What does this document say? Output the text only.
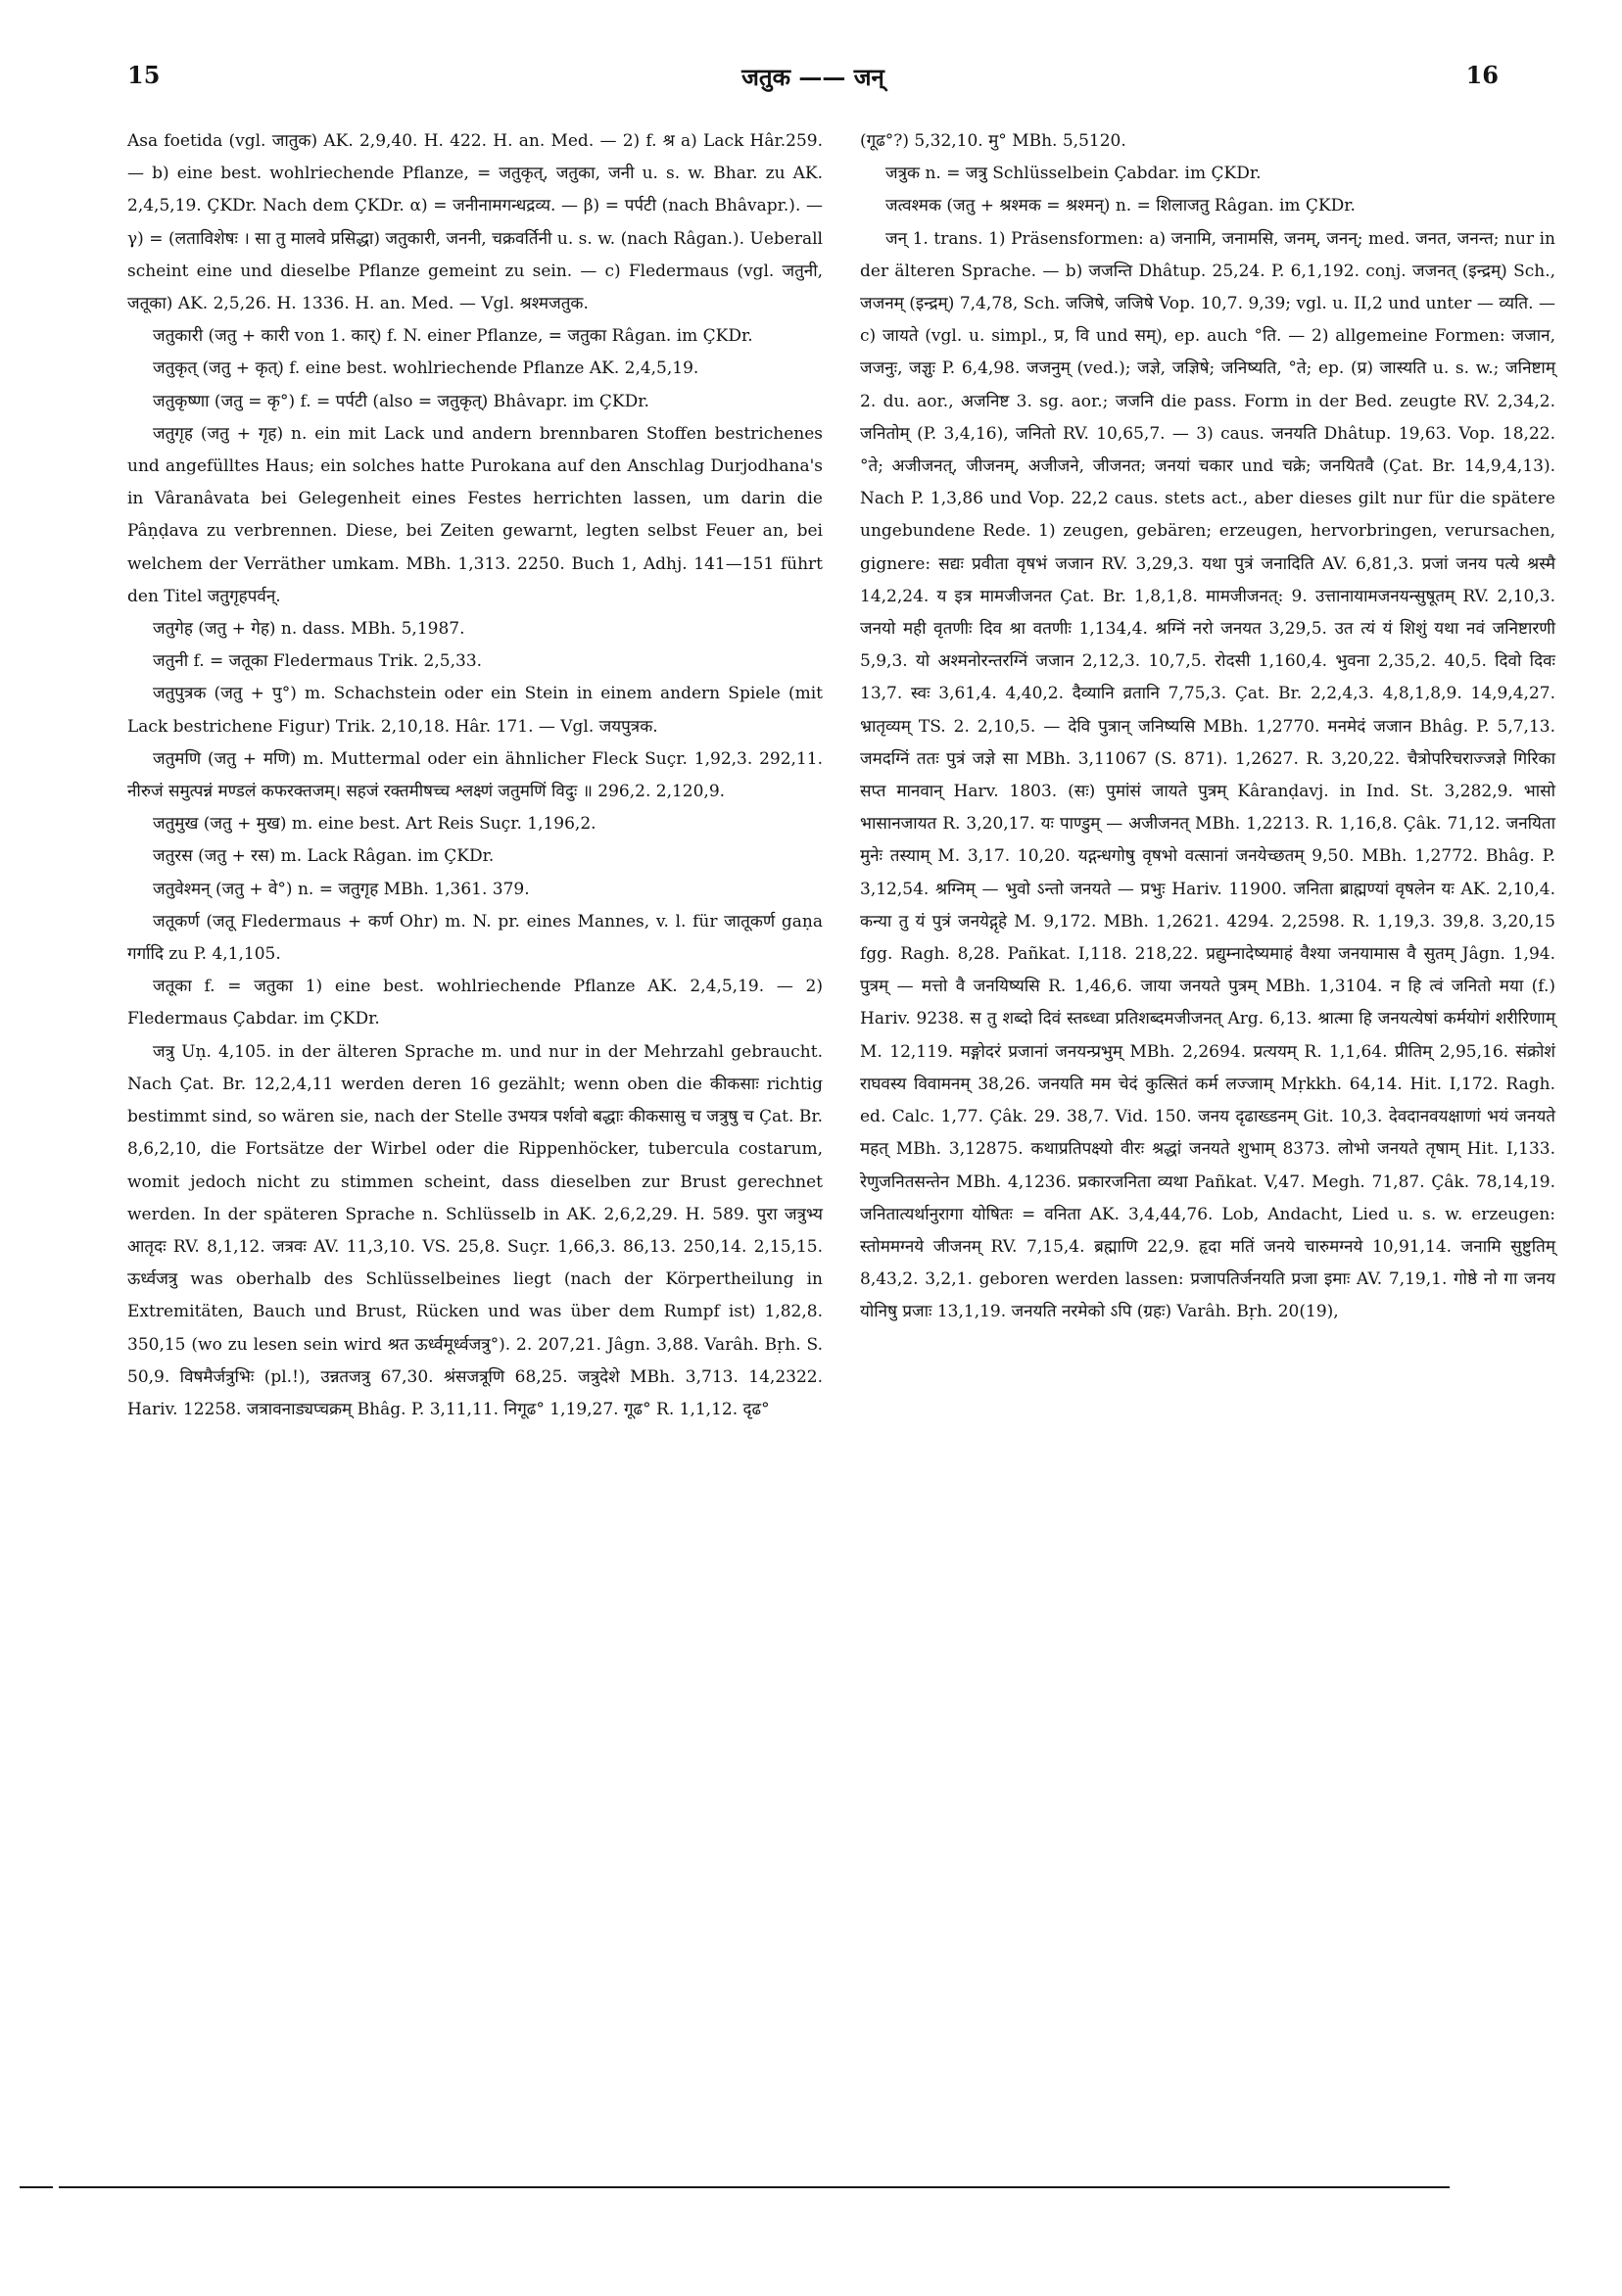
15	जतुक —— जन्	16

Asa foetida (vgl. जातुक) AK. 2,9,40. H. 422. H. an. Med. — 2) f. श्र a) Lack Hâr.259. — b) eine best. wohlriechende Pflanze, = जतुकृत्, जतुका, जनी u. s. w. Bhar. zu AK. 2,4,5,19. ÇKDr. Nach dem ÇKDr. α) = जनीनामगन्धद्रव्य. — β) = पर्पटी (nach Bhâvapr.). — γ) = (लताविशेषः । सा तु मालवे प्रसिद्धा) जतुकारी, जननी, चक्रवर्तिनी u. s. w. (nach Râgan.). Ueberall scheint eine und dieselbe Pflanze gemeint zu sein. — c) Fledermaus (vgl. जतुनी, जतूका) AK. 2,5,26. H. 1336. H. an. Med. — Vgl. श्रश्मजतुक.

जतुकारी (जतु + कारी von 1. कार्) f. N. einer Pflanze, = जतुका Râgan. im ÇKDr.

जतुकृत् (जतु + कृत्) f. eine best. wohlriechende Pflanze AK. 2,4,5,19.

जतुकृष्णा (जतु = कृ°) f. = पर्पटी (also = जतुकृत्) Bhâvapr. im ÇKDr.

जतुगृह (जतु + गृह) n. ein mit Lack und andern brennbaren Stoffen bestrichenes und angefülltes Haus; ein solches hatte Purokana auf den Anschlag Durjodhana's in Vâranâvata bei Gelegenheit eines Festes herrichten lassen, um darin die Pâṇḍava zu verbrennen. Diese, bei Zeiten gewarnt, legten selbst Feuer an, bei welchem der Verräther umkam. MBh. 1,313. 2250. Buch 1, Adhj. 141—151 führt den Titel जतुगृहपर्वन्.

जतुगेह (जतु + गेह) n. dass. MBh. 5,1987.

जतुनी f. = जतूका Fledermaus Trik. 2,5,33.

जतुपुत्रक (जतु + पु°) m. Schachstein oder ein Stein in einem andern Spiele (mit Lack bestrichene Figur) Trik. 2,10,18. Hâr. 171. — Vgl. जयपुत्रक.

जतुमणि (जतु + मणि) m. Muttermal oder ein ähnlicher Fleck Suçr. 1,92,3. 292,11. नीरुजं समुत्पन्नं मण्डलं कफरक्तजम्। सहजं रक्तमीषच्च श्लक्ष्णं जतुमणिं विदुः ॥ 296,2. 2,120,9.

जतुमुख (जतु + मुख) m. eine best. Art Reis Suçr. 1,196,2.

जतुरस (जतु + रस) m. Lack Râgan. im ÇKDr.

जतुवेश्मन् (जतु + वे°) n. = जतुगृह MBh. 1,361. 379.

जतूकर्ण (जतू Fledermaus + कर्ण Ohr) m. N. pr. eines Mannes, v. l. für जातूकर्ण gaṇa गर्गादि zu P. 4,1,105.

जतूका f. = जतुका 1) eine best. wohlriechende Pflanze AK. 2,4,5,19. — 2) Fledermaus Çabdar. im ÇKDr.

जत्रु Uṇ. 4,105. in der älteren Sprache m. und nur in der Mehrzahl gebraucht. Nach Çat. Br. 12,2,4,11 werden deren 16 gezählt; wenn oben die कीकसाः richtig bestimmt sind, so wären sie, nach der Stelle उभयत्र पर्शवो बद्धाः कीकसासु च जत्रुषु च Çat. Br. 8,6,2,10, die Fortsätze der Wirbel oder die Rippenhöcker, tubercula costarum, womit jedoch nicht zu stimmen scheint, dass dieselben zur Brust gerechnet werden. In der späteren Sprache n. Schlüsselb in AK. 2,6,2,29. H. 589. पुरा जत्रुभ्य आतृदः RV. 8,1,12. जत्रवः AV. 11,3,10. VS. 25,8. Suçr. 1,66,3. 86,13. 250,14. 2,15,15. ऊर्ध्वजत्रु was oberhalb des Schlüsselbeines liegt (nach der Körpertheilung in Extremitäten, Bauch und Brust, Rücken und was über dem Rumpf ist) 1,82,8. 350,15 (wo zu lesen sein wird श्रत ऊर्ध्वमूर्ध्वजत्रु°). 2. 207,21. Jâgn. 3,88. Varâh. Bṛh. S. 50,9. विषमैर्जत्रुभिः (pl.!), उन्नतजत्रु 67,30. श्रंसजत्रूणि 68,25. जत्रुदेशे MBh. 3,713. 14,2322. Hariv. 12258. जत्रावनाड्यप्चक्रम् Bhâg. P. 3,11,11. निगूढ° 1,19,27. गूढ° R. 1,1,12. दृढ°

(गूढ°?) 5,32,10. मु° MBh. 5,5120.

जत्रुक n. = जत्रु Schlüsselbein Çabdar. im ÇKDr.

जत्वश्मक (जतु + श्रश्मक = श्रश्मन्) n. = शिलाजतु Râgan. im ÇKDr.

जन् 1. trans. 1) Präsensformen: a) जनामि, जनामसि, जनम्, जनन्; med. जनत, जनन्त; nur in der älteren Sprache. — b) जजन्ति Dhâtup. 25,24. P. 6,1,192. conj. जजनत् (इन्द्रम्) Sch., जजनम् (इन्द्रम्) 7,4,78, Sch. जजिषे, जजिषे Vop. 10,7. 9,39; vgl. u. II,2 und unter — व्यति. — c) जायते (vgl. u. simpl., प्र, वि und सम्), ep. auch °ति. — 2) allgemeine Formen: जजान, जजनुः, जज्ञुः P. 6,4,98. जजनुम् (ved.); जज्ञे, जज्ञिषे; जनिष्यति, °ते; ep. (प्र) जास्यति u. s. w.; जनिष्टाम् 2. du. aor., अजनिष्ट 3. sg. aor.; जजनि die pass. Form in der Bed. zeugte RV. 2,34,2. जनितोम् (P. 3,4,16), जनितो RV. 10,65,7. — 3) caus. जनयति Dhâtup. 19,63. Vop. 18,22. °ते; अजीजनत्, जीजनम्, अजीजने, जीजनत; जनयां चकार und चक्रे; जनयितवै (Çat. Br. 14,9,4,13). Nach P. 1,3,86 und Vop. 22,2 caus. stets act., aber dieses gilt nur für die spätere ungebundene Rede. 1) zeugen, gebären; erzeugen, hervorbringen, verursachen, gignere: सद्यः प्रवीता वृषभं जजान RV. 3,29,3. यथा पुत्रं जनादिति AV. 6,81,3. प्रजां जनय पत्ये श्रस्मै 14,2,24. य इत्र मामजीजनत Çat. Br. 1,8,1,8. मामजीजनत्: 9. उत्तानायामजनयन्सुषूतम् RV. 2,10,3. जनयो मही वृतणीः दिव श्रा वतणीः 1,134,4. श्रग्निं नरो जनयत 3,29,5. उत त्यं यं शिशुं यथा नवं जनिष्टारणी 5,9,3. यो अश्मनोरन्तरग्निं जजान 2,12,3. 10,7,5. रोदसी 1,160,4. भुवना 2,35,2. 40,5. दिवो दिवः 13,7. स्वः 3,61,4. 4,40,2. दैव्यानि व्रतानि 7,75,3. Çat. Br. 2,2,4,3. 4,8,1,8,9. 14,9,4,27. भ्रातृव्यम् TS. 2. 2,10,5. — देवि पुत्रान् जनिष्यसि MBh. 1,2770. मनमेदं जजान Bhâg. P. 5,7,13. जमदग्निं ततः पुत्रं जज्ञे सा MBh. 3,11067 (S. 871). 1,2627. R. 3,20,22. चैत्रोपरिचराज्जज्ञे गिरिका सप्त मानवान् Harv. 1803. (सः) पुमांसं जायते पुत्रम् Kâranḍavj. in Ind. St. 3,282,9. भासो भासानजायत R. 3,20,17. यः पाण्डुम् — अजीजनत् MBh. 1,2213. R. 1,16,8. Çâk. 71,12. जनयिता मुनेः तस्याम् M. 3,17. 10,20. यद्गन्धगोषु वृषभो वत्सानां जनयेच्छतम् 9,50. MBh. 1,2772. Bhâg. P. 3,12,54. श्रग्निम् — भुवो ऽन्तो जनयते — प्रभुः Hariv. 11900. जनिता ब्राह्मण्यां वृषलेन यः AK. 2,10,4. कन्या तु यं पुत्रं जनयेद्गृहे M. 9,172. MBh. 1,2621. 4294. 2,2598. R. 1,19,3. 39,8. 3,20,15 fgg. Ragh. 8,28. Pañkat. I,118. 218,22. प्रद्युम्नादेष्यमाहं वैश्या जनयामास वै सुतम् Jâgn. 1,94. पुत्रम् — मत्तो वै जनयिष्यसि R. 1,46,6. जाया जनयते पुत्रम् MBh. 1,3104. न हि त्वं जनितो मया (f.) Hariv. 9238. स तु शब्दो दिवं स्तब्ध्वा प्रतिशब्दमजीजनत् Arg. 6,13. श्रात्मा हि जनयत्येषां कर्मयोगं शरीरिणाम् M. 12,119. मङ्गोदरं प्रजानां जनयन्प्रभुम् MBh. 2,2694. प्रत्ययम् R. 1,1,64. प्रीतिम् 2,95,16. संक्रोशं राघवस्य विवामनम् 38,26. जनयति मम चेदं कुत्सितं कर्म लज्जाम् Mṛkkh. 64,14. Hit. I,172. Ragh. ed. Calc. 1,77. Çâk. 29. 38,7. Vid. 150. जनय दृढाख्डनम् Git. 10,3. देवदानवयक्षाणां भयं जनयते महत् MBh. 3,12875. कथाप्रतिपक्ष्यो वीरः श्रद्धां जनयते शुभाम् 8373. लोभो जनयते तृषाम् Hit. I,133. रेणुजनितसन्तेन MBh. 4,1236. प्रकारजनिता व्यथा Pañkat. V,47. Megh. 71,87. Çâk. 78,14,19. जनितात्यर्थानुरागा योषितः = वनिता AK. 3,4,44,76. Lob, Andacht, Lied u. s. w. erzeugen: स्तोममग्नये जीजनम् RV. 7,15,4. ब्रह्माणि 22,9. हृदा मतिं जनये चारुमग्नये 10,91,14. जनामि सुष्टुतिम् 8,43,2. 3,2,1. geboren werden lassen: प्रजापतिर्जनयति प्रजा इमाः AV. 7,19,1. गोष्ठे नो गा जनय योनिषु प्रजाः 13,1,19. जनयति नरमेको ऽपि (ग्रहः) Varâh. Bṛh. 20(19),
